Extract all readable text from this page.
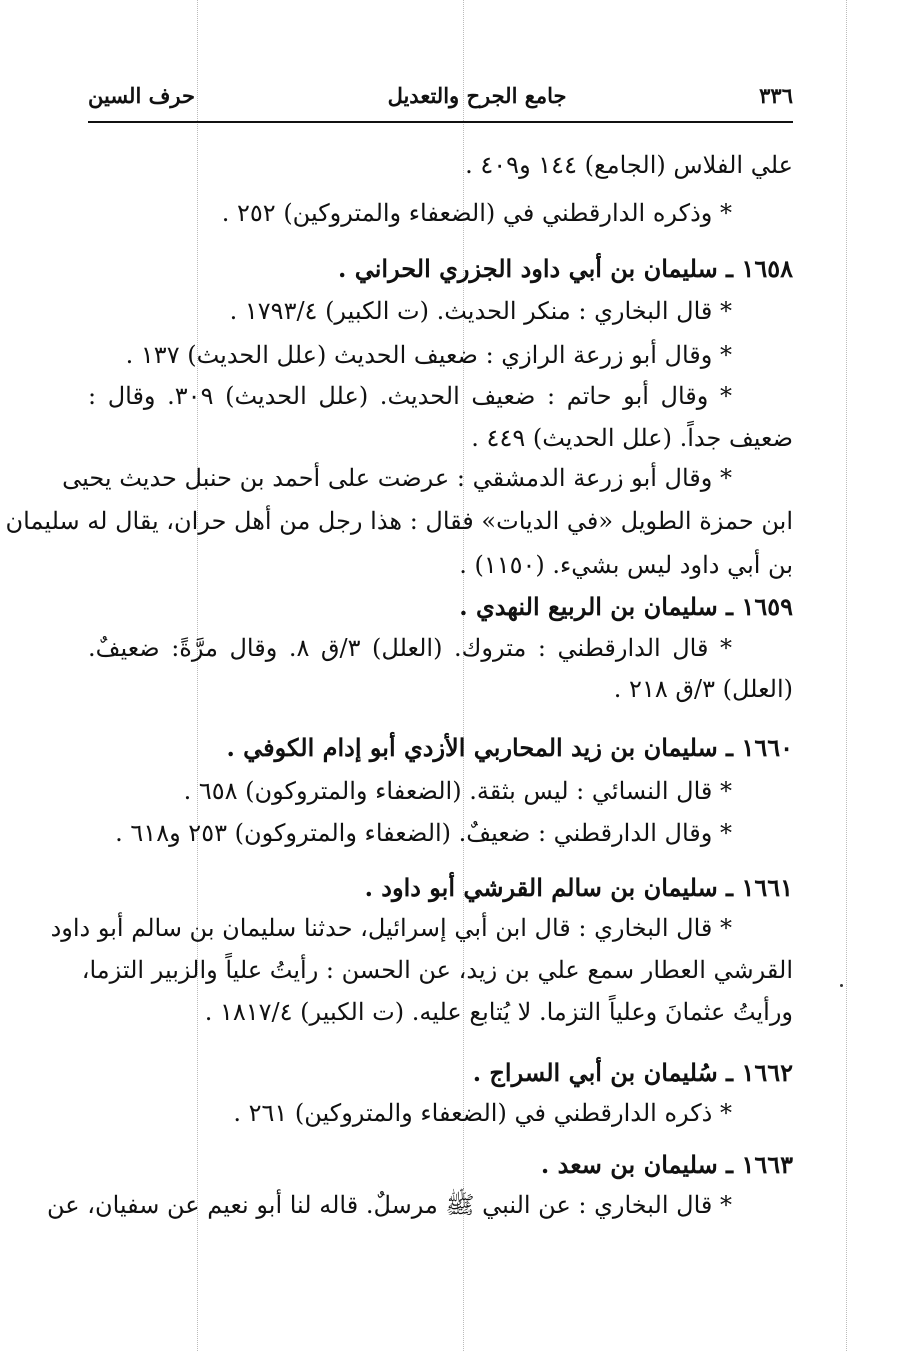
٣٣٦
جامع الجرح والتعديل
حرف السين
علي الفلاس (الجامع) ١٤٤ و٤٠٩ .
* وذكره الدارقطني في (الضعفاء والمتروكين) ٢٥٢ .
١٦٥٨ ـ سليمان بن أبي داود الجزري الحراني .
* قال البخاري : منكر الحديث. (ت الكبير) ١٧٩٣/٤ .
* وقال أبو زرعة الرازي : ضعيف الحديث (علل الحديث) ١٣٧ .
* وقال أبو حاتم : ضعيف الحديث. (علل الحديث) ٣٠٩. وقال :
ضعيف جداً. (علل الحديث) ٤٤٩ .
* وقال أبو زرعة الدمشقي : عرضت على أحمد بن حنبل حديث يحيى
ابن حمزة الطويل «في الديات» فقال : هذا رجل من أهل حران، يقال له سليمان
بن أبي داود ليس بشيء. (١١٥٠) .
١٦٥٩ ـ سليمان بن الربيع النهدي .
* قال الدارقطني : متروك. (العلل) ٣/ق ٨. وقال مرَّةً: ضعيفٌ.
(العلل) ٣/ق ٢١٨ .
١٦٦٠ ـ سليمان بن زيد المحاربي الأزدي أبو إدام الكوفي .
* قال النسائي : ليس بثقة. (الضعفاء والمتروكون) ٦٥٨ .
* وقال الدارقطني : ضعيفٌ. (الضعفاء والمتروكون) ٢٥٣ و٦١٨ .
١٦٦١ ـ سليمان بن سالم القرشي أبو داود .
* قال البخاري : قال ابن أبي إسرائيل، حدثنا سليمان بن سالم أبو داود
القرشي العطار سمع علي بن زيد، عن الحسن : رأيتُ علياً والزبير التزما،
ورأيتُ عثمانَ وعلياً التزما. لا يُتابع عليه. (ت الكبير) ١٨١٧/٤ .
١٦٦٢ ـ سُليمان بن أبي السراج .
* ذكره الدارقطني في (الضعفاء والمتروكين) ٢٦١ .
١٦٦٣ ـ سليمان بن سعد .
* قال البخاري : عن النبي ﷺ مرسلٌ. قاله لنا أبو نعيم عن سفيان، عن
